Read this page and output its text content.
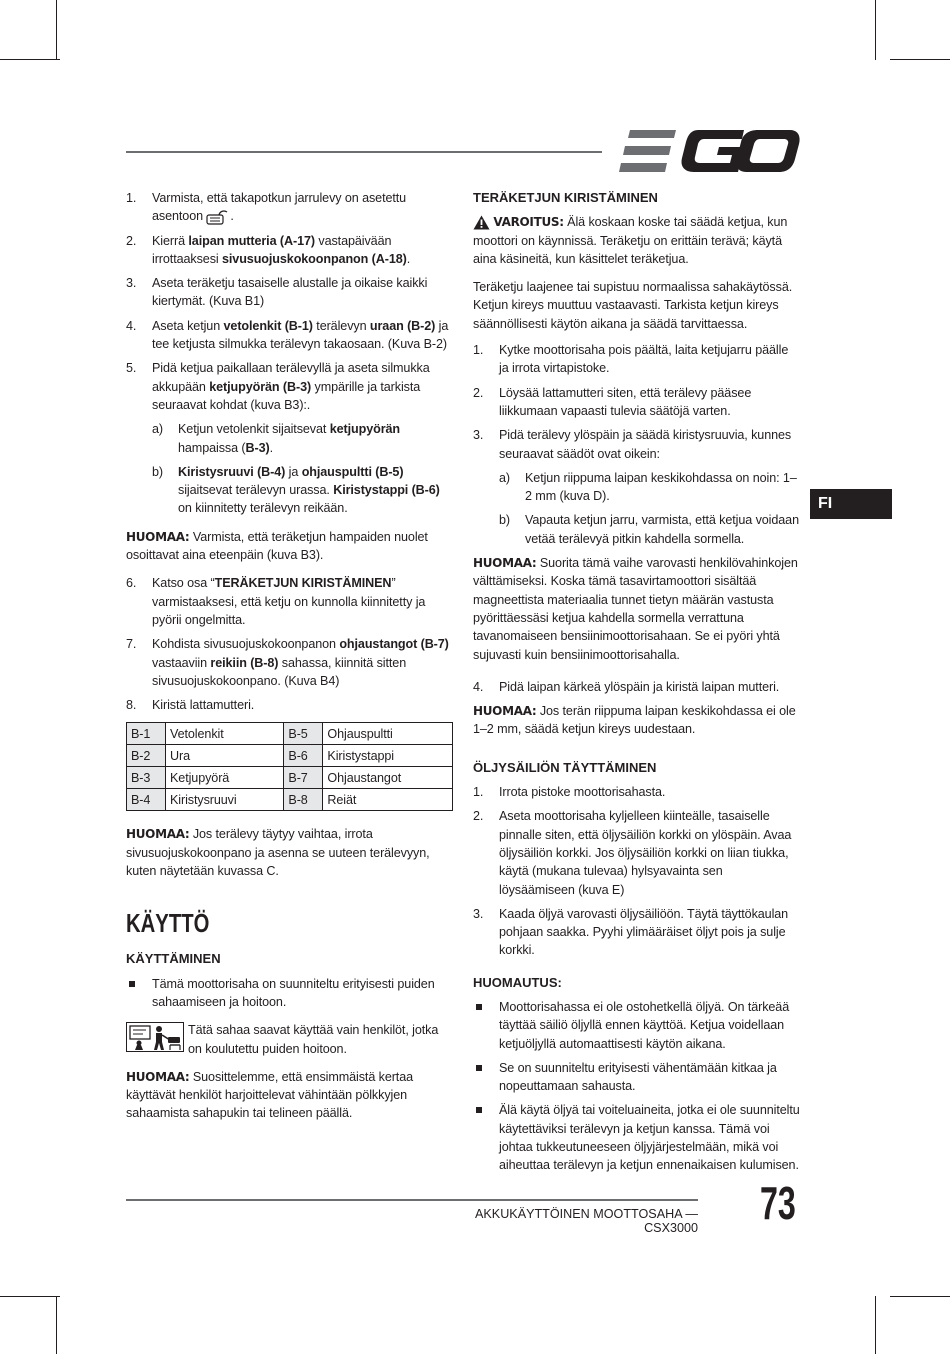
FI
1. Varmista, että takapotkun jarrulevy on asetettu asentoon .
2. Kierrä laipan mutteria (A-17) vastapäivään irrottaaksesi sivusuojuskokoonpanon (A-18).
3. Aseta teräketju tasaiselle alustalle ja oikaise kaikki kiertymät. (Kuva B1)
4. Aseta ketjun vetolenkit (B-1) terälevyn uraan (B-2) ja tee ketjusta silmukka terälevyn takaosaan. (Kuva B-2)
5. Pidä ketjua paikallaan terälevyllä ja aseta silmukka akkupään ketjupyörän (B-3) ympärille ja tarkista seuraavat kohdat (kuva B3):.
a) Ketjun vetolenkit sijaitsevat ketjupyörän hampaissa (B-3).
b) Kiristysruuvi (B-4) ja ohjauspultti (B-5) sijaitsevat terälevyn urassa. Kiristystappi (B-6) on kiinnitetty terälevyn reikään.
HUOMAA: Varmista, että teräketjun hampaiden nuolet osoittavat aina eteenpäin (kuva B3).
6. Katso osa “TERÄKETJUN KIRISTÄMINEN” varmistaaksesi, että ketju on kunnolla kiinnitetty ja pyörii ongelmitta.
7. Kohdista sivusuojuskokoonpanon ohjaustangot (B-7) vastaaviin reikiin (B-8) sahassa, kiinnitä sitten sivusuojuskokoonpano. (Kuva B4)
8. Kiristä lattamutteri.
B-1	Vetolenkit	B-5	Ohjauspultti
B-2	Ura	B-6	Kiristystappi
B-3	Ketjupyörä	B-7	Ohjaustangot
B-4	Kiristysruuvi	B-8	Reiät
HUOMAA: Jos terälevy täytyy vaihtaa, irrota sivusuojuskokoonpano ja asenna se uuteen terälevyyn, kuten näytetään kuvassa C.
KÄYTTÖ
KÄYTTÄMINEN
Tämä moottorisaha on suunniteltu erityisesti puiden sahaamiseen ja hoitoon.
Tätä sahaa saavat käyttää vain henkilöt, jotka on koulutettu puiden hoitoon.
HUOMAA: Suosittelemme, että ensimmäistä kertaa käyttävät henkilöt harjoittelevat vähintään pölkkyjen sahaamista sahapukin tai telineen päällä.
TERÄKETJUN KIRISTÄMINEN
VAROITUS: Älä koskaan koske tai säädä ketjua, kun moottori on käynnissä. Teräketju on erittäin terävä; käytä aina käsineitä, kun käsittelet teräketjua.
Teräketju laajenee tai supistuu normaalissa sahakäytössä. Ketjun kireys muuttuu vastaavasti. Tarkista ketjun kireys säännöllisesti käytön aikana ja säädä tarvittaessa.
1. Kytke moottorisaha pois päältä, laita ketjujarru päälle ja irrota virtapistoke.
2. Löysää lattamutteri siten, että terälevy pääsee liikkumaan vapaasti tulevia säätöjä varten.
3. Pidä terälevy ylöspäin ja säädä kiristysruuvia, kunnes seuraavat säädöt ovat oikein:
a) Ketjun riippuma laipan keskikohdassa on noin: 1–2 mm (kuva D).
b) Vapauta ketjun jarru, varmista, että ketjua voidaan vetää terälevyä pitkin kahdella sormella.
HUOMAA: Suorita tämä vaihe varovasti henkilövahinkojen välttämiseksi. Koska tämä tasavirtamoottori sisältää magneettista materiaalia tunnet tietyn määrän vastusta pyörittäessäsi ketjua kahdella sormella verrattuna tavanomaiseen bensiinimoottorisahaan. Se ei pyöri yhtä sujuvasti kuin bensiinimoottorisahalla.
4. Pidä laipan kärkeä ylöspäin ja kiristä laipan mutteri.
HUOMAA: Jos terän riippuma laipan keskikohdassa ei ole 1–2 mm, säädä ketjun kireys uudestaan.
ÖLJYSÄILIÖN TÄYTTÄMINEN
1. Irrota pistoke moottorisahasta.
2. Aseta moottorisaha kyljelleen kiinteälle, tasaiselle pinnalle siten, että öljysäiliön korkki on ylöspäin. Avaa öljysäiliön korkki. Jos öljysäiliön korkki on liian tiukka, käytä (mukana tulevaa) hylsyavainta sen löysäämiseen (kuva E)
3. Kaada öljyä varovasti öljysäiliöön. Täytä täyttökaulan pohjaan saakka. Pyyhi ylimääräiset öljyt pois ja sulje korkki.
HUOMAUTUS:
Moottorisahassa ei ole ostohetkellä öljyä. On tärkeää täyttää säiliö öljyllä ennen käyttöä. Ketjua voidellaan ketjuöljyllä automaattisesti käytön aikana.
Se on suunniteltu erityisesti vähentämään kitkaa ja nopeuttamaan sahausta.
Älä käytä öljyä tai voiteluaineita, jotka ei ole suunniteltu käytettäviksi terälevyn ja ketjun kanssa. Tämä voi johtaa tukkeutuneeseen öljyjärjestelmään, mikä voi aiheuttaa terälevyn ja ketjun ennenaikaisen kulumisen.
AKKUKÄYTTÖINEN MOOTTOSAHA — CSX3000 73
